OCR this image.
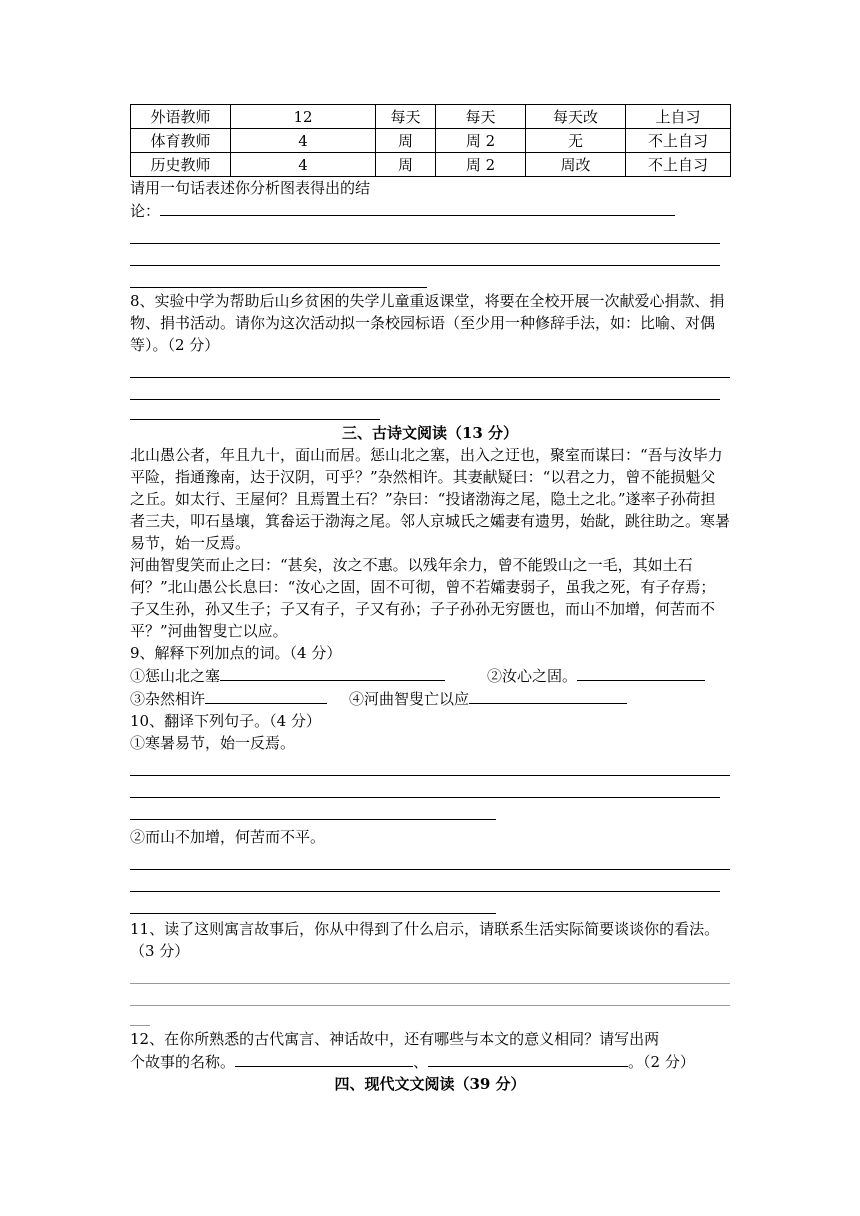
外语教师	12	每天	每天	每天改	上自习
体育教师	4	周	周 2	无	不上自习
历史教师	4	周	周 2	周改	不上自习

请用一句话表述你分析图表得出的结

论：

8、实验中学为帮助后山乡贫困的失学儿童重返课堂，将要在全校开展一次献爱心捐款、捐物、捐书活动。请你为这次活动拟一条校园标语（至少用一种修辞手法，如：比喻、对偶等）。（2 分）

三、古诗文阅读（13 分）

北山愚公者，年且九十，面山而居。惩山北之塞，出入之迂也，聚室而谋曰：“吾与汝毕力平险，指通豫南，达于汉阴，可乎？”杂然相许。其妻献疑曰：“以君之力，曾不能损魁父之丘。如太行、王屋何？且焉置土石？”杂曰：“投诸渤海之尾，隐土之北。”遂率子孙荷担者三夫，叩石垦壤，箕畚运于渤海之尾。邻人京城氏之孀妻有遗男，始龀，跳往助之。寒暑易节，始一反焉。

河曲智叟笑而止之曰：“甚矣，汝之不惠。以残年余力，曾不能毁山之一毛，其如土石何？”北山愚公长息曰：“汝心之固，固不可彻，曾不若孀妻弱子，虽我之死，有子存焉；子又生孙，孙又生子；子又有子，子又有孙；子子孙孙无穷匮也，而山不加增，何苦而不平？”河曲智叟亡以应。

9、解释下列加点的词。（4 分）

①惩山北之塞	②汝心之固。
③杂然相许	④河曲智叟亡以应

10、翻译下列句子。（4 分）

①寒暑易节，始一反焉。

②而山不加增，何苦而不平。

11、读了这则寓言故事后，你从中得到了什么启示，请联系生活实际简要谈谈你的看法。（3 分）

12、在你所熟悉的古代寓言、神话故中，还有哪些与本文的意义相同？请写出两

个故事的名称。	、	。（2 分）

四、现代文文阅读（39 分）
